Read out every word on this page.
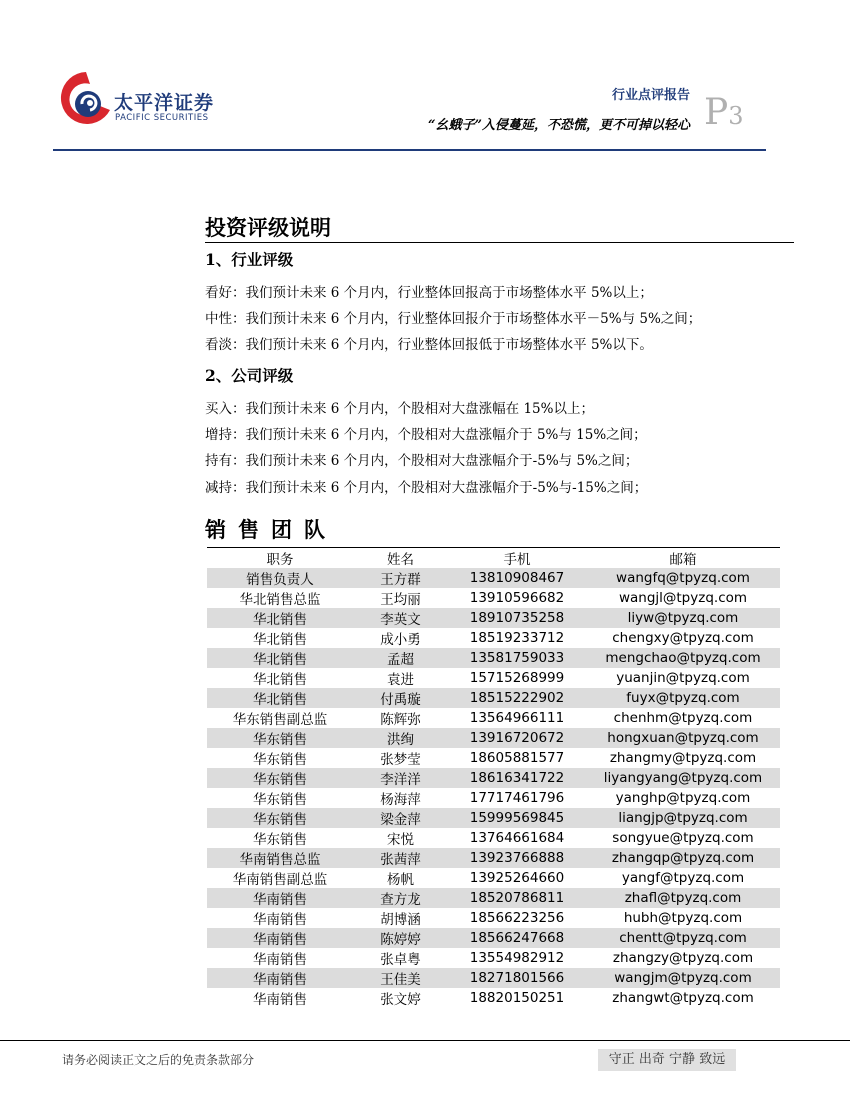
太平洋证券
PACIFIC SECURITIES
行业点评报告
“幺蛾子”入侵蔓延，不恐慌，更不可掉以轻心 P3
投资评级说明
1、行业评级
看好：我们预计未来 6 个月内，行业整体回报高于市场整体水平 5%以上；
中性：我们预计未来 6 个月内，行业整体回报介于市场整体水平－5%与 5%之间；
看淡：我们预计未来 6 个月内，行业整体回报低于市场整体水平 5%以下。
2、公司评级
买入：我们预计未来 6 个月内，个股相对大盘涨幅在 15%以上；
增持：我们预计未来 6 个月内，个股相对大盘涨幅介于 5%与 15%之间；
持有：我们预计未来 6 个月内，个股相对大盘涨幅介于-5%与 5%之间；
减持：我们预计未来 6 个月内，个股相对大盘涨幅介于-5%与-15%之间；
销售团队
职务	姓名	手机	邮箱
销售负责人	王方群	13810908467	wangfq@tpyzq.com
华北销售总监	王均丽	13910596682	wangjl@tpyzq.com
华北销售	李英文	18910735258	liyw@tpyzq.com
华北销售	成小勇	18519233712	chengxy@tpyzq.com
华北销售	孟超	13581759033	mengchao@tpyzq.com
华北销售	袁进	15715268999	yuanjin@tpyzq.com
华北销售	付禹璇	18515222902	fuyx@tpyzq.com
华东销售副总监	陈辉弥	13564966111	chenhm@tpyzq.com
华东销售	洪绚	13916720672	hongxuan@tpyzq.com
华东销售	张梦莹	18605881577	zhangmy@tpyzq.com
华东销售	李洋洋	18616341722	liyangyang@tpyzq.com
华东销售	杨海萍	17717461796	yanghp@tpyzq.com
华东销售	梁金萍	15999569845	liangjp@tpyzq.com
华东销售	宋悦	13764661684	songyue@tpyzq.com
华南销售总监	张茜萍	13923766888	zhangqp@tpyzq.com
华南销售副总监	杨帆	13925264660	yangf@tpyzq.com
华南销售	查方龙	18520786811	zhafl@tpyzq.com
华南销售	胡博涵	18566223256	hubh@tpyzq.com
华南销售	陈婷婷	18566247668	chentt@tpyzq.com
华南销售	张卓粤	13554982912	zhangzy@tpyzq.com
华南销售	王佳美	18271801566	wangjm@tpyzq.com
华南销售	张文婷	18820150251	zhangwt@tpyzq.com
请务必阅读正文之后的免责条款部分	守正 出奇 宁静 致远
